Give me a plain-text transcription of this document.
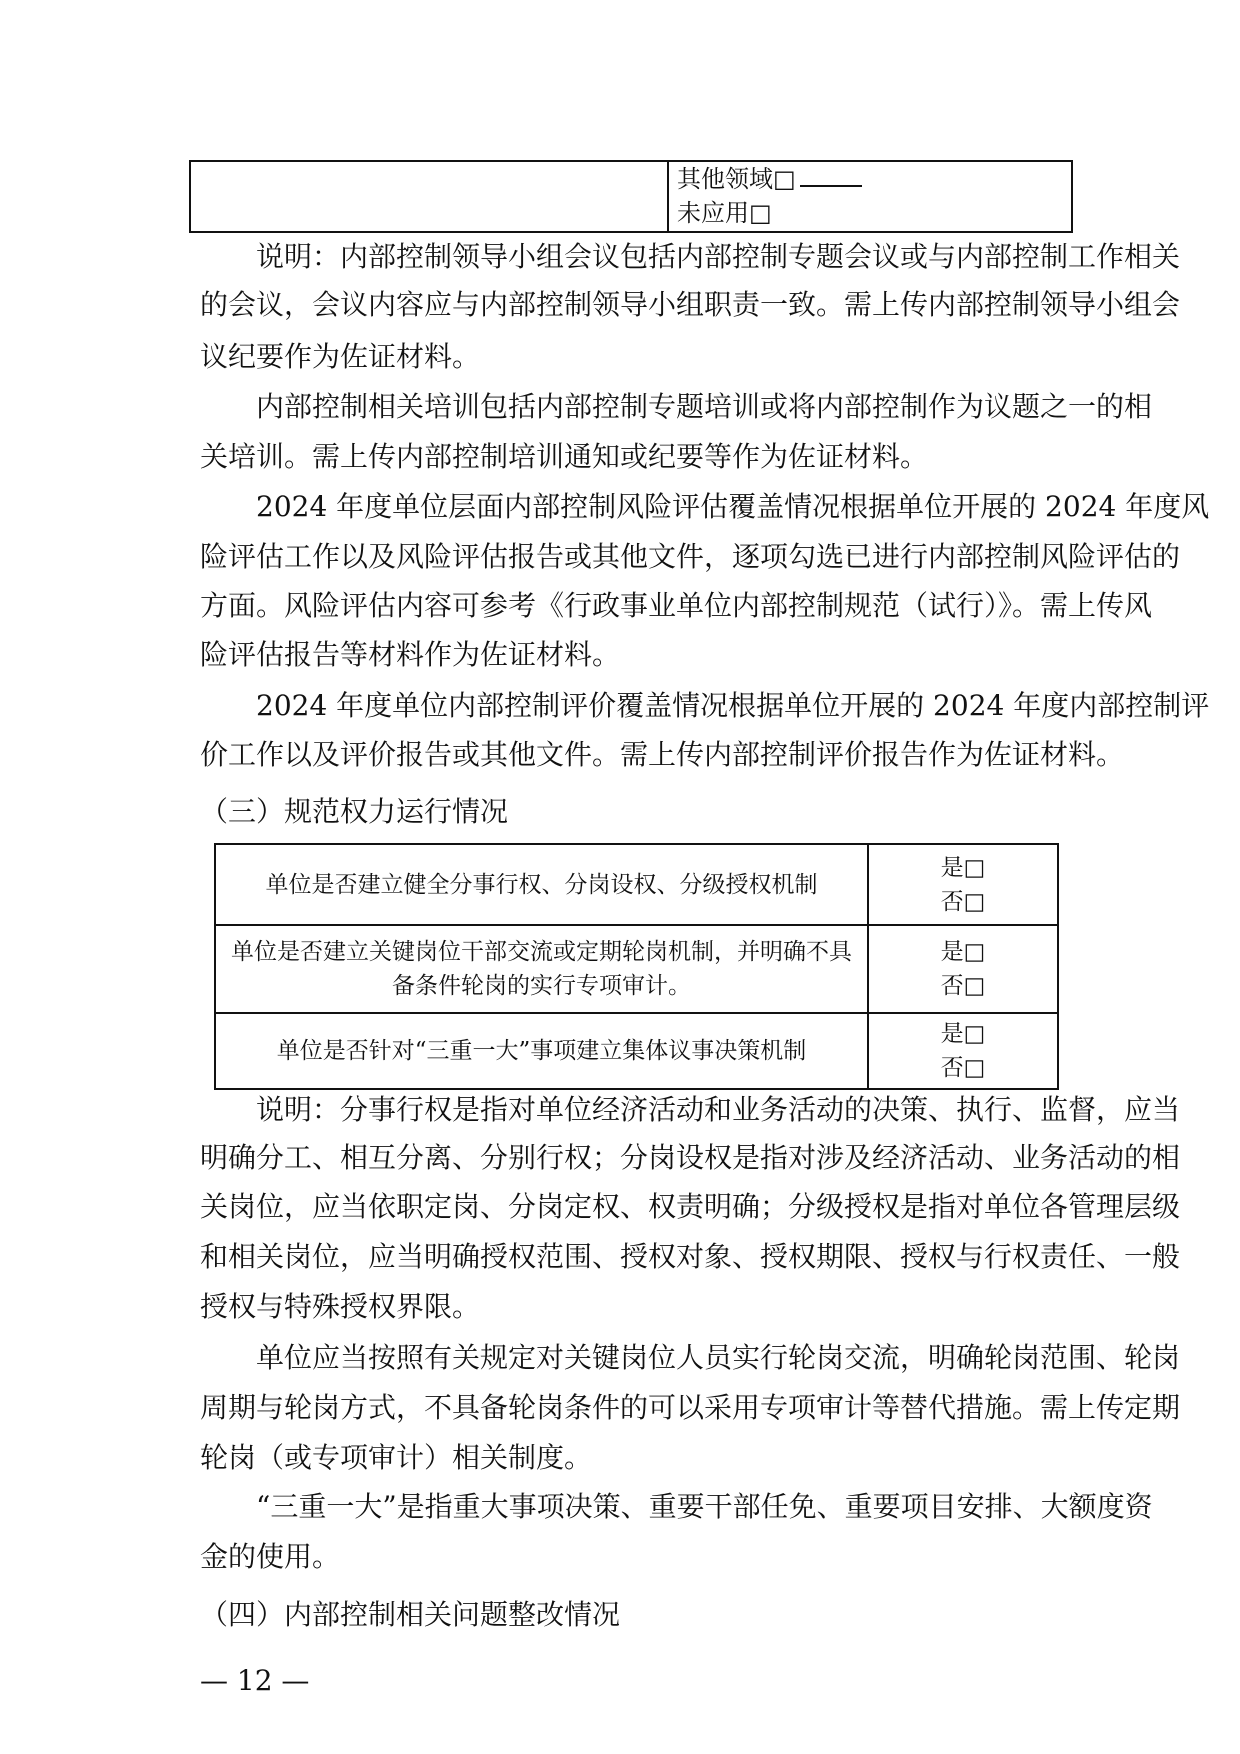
其他领域□
未应用□
说明：内部控制领导小组会议包括内部控制专题会议或与内部控制工作相关
的会议，会议内容应与内部控制领导小组职责一致。需上传内部控制领导小组会
议纪要作为佐证材料。
内部控制相关培训包括内部控制专题培训或将内部控制作为议题之一的相
关培训。需上传内部控制培训通知或纪要等作为佐证材料。
2024 年度单位层面内部控制风险评估覆盖情况根据单位开展的 2024 年度风
险评估工作以及风险评估报告或其他文件，逐项勾选已进行内部控制风险评估的
方面。风险评估内容可参考《行政事业单位内部控制规范（试行）》。需上传风
险评估报告等材料作为佐证材料。
2024 年度单位内部控制评价覆盖情况根据单位开展的 2024 年度内部控制评
价工作以及评价报告或其他文件。需上传内部控制评价报告作为佐证材料。
（三）规范权力运行情况
单位是否建立健全分事行权、分岗设权、分级授权机制	是□
否□

单位是否建立关键岗位干部交流或定期轮岗机制，并明确不具备条件轮岗的实行专项审计。	是□
否□

单位是否针对“三重一大”事项建立集体议事决策机制	是□
否□
说明：分事行权是指对单位经济活动和业务活动的决策、执行、监督，应当
明确分工、相互分离、分别行权；分岗设权是指对涉及经济活动、业务活动的相
关岗位，应当依职定岗、分岗定权、权责明确；分级授权是指对单位各管理层级
和相关岗位，应当明确授权范围、授权对象、授权期限、授权与行权责任、一般
授权与特殊授权界限。
单位应当按照有关规定对关键岗位人员实行轮岗交流，明确轮岗范围、轮岗
周期与轮岗方式，不具备轮岗条件的可以采用专项审计等替代措施。需上传定期
轮岗（或专项审计）相关制度。
“三重一大”是指重大事项决策、重要干部任免、重要项目安排、大额度资
金的使用。
（四）内部控制相关问题整改情况
— 12 —
